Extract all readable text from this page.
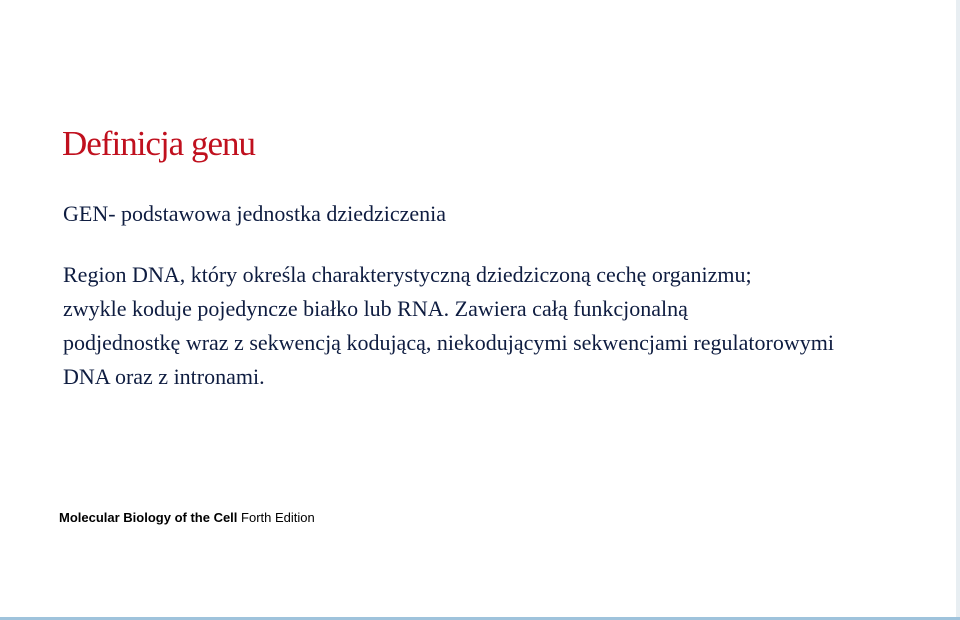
Definicja genu
GEN- podstawowa jednostka dziedziczenia
Region DNA, który określa charakterystyczną dziedziczoną cechę organizmu;
zwykle koduje pojedyncze białko lub RNA. Zawiera całą funkcjonalną
podjednostkę wraz z sekwencją kodującą, niekodującymi sekwencjami regulatorowymi
DNA oraz z intronami.
Molecular Biology of the Cell Forth Edition
